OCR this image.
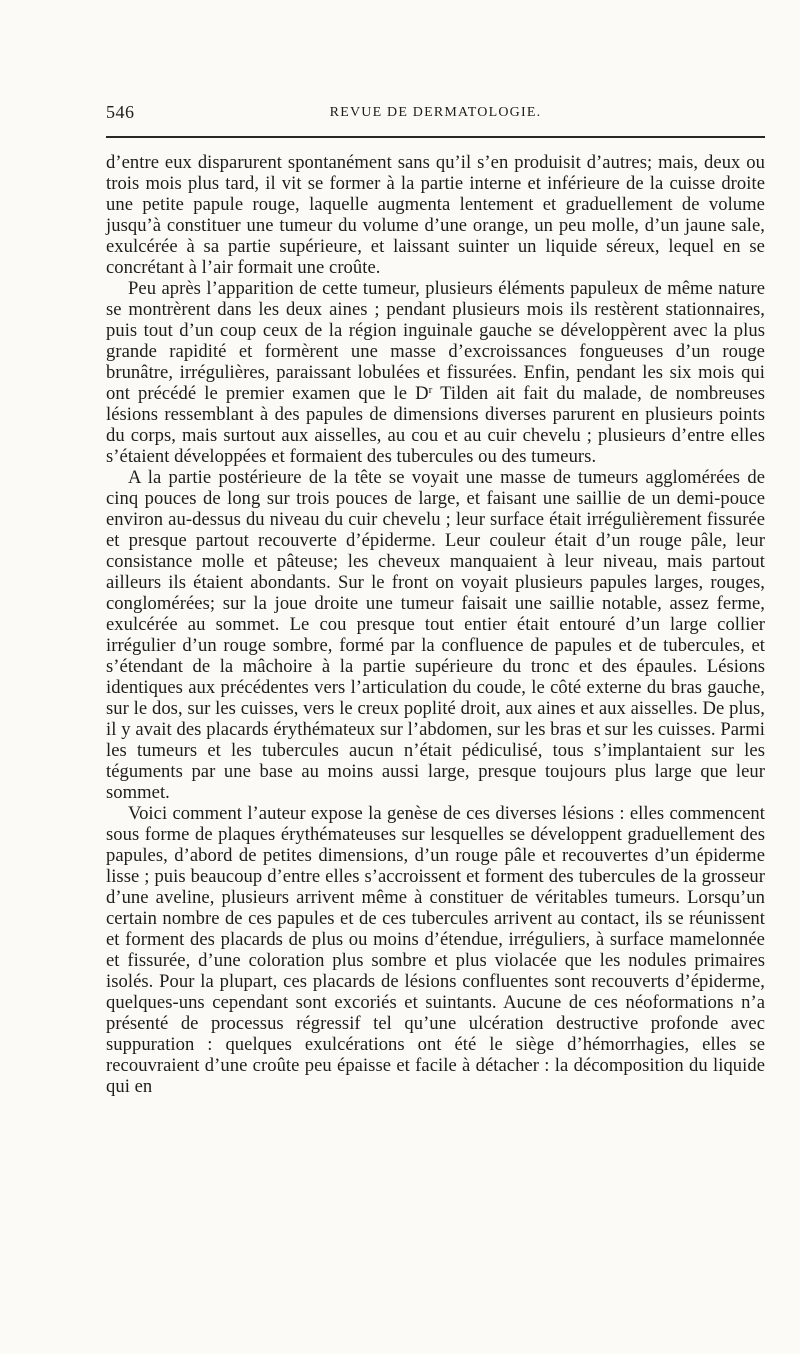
546	REVUE DE DERMATOLOGIE.

d’entre eux disparurent spontanément sans qu’il s’en produisit d’autres; mais, deux ou trois mois plus tard, il vit se former à la partie interne et inférieure de la cuisse droite une petite papule rouge, laquelle augmenta lentement et graduellement de volume jusqu’à constituer une tumeur du volume d’une orange, un peu molle, d’un jaune sale, exulcérée à sa partie supérieure, et laissant suinter un liquide séreux, lequel en se concrétant à l’air formait une croûte.

Peu après l’apparition de cette tumeur, plusieurs éléments papuleux de même nature se montrèrent dans les deux aines ; pendant plusieurs mois ils restèrent stationnaires, puis tout d’un coup ceux de la région inguinale gauche se développèrent avec la plus grande rapidité et formèrent une masse d’excroissances fongueuses d’un rouge brunâtre, irrégulières, paraissant lobulées et fissurées. Enfin, pendant les six mois qui ont précédé le premier examen que le $D^r$ Tilden ait fait du malade, de nombreuses lésions ressemblant à des papules de dimensions diverses parurent en plusieurs points du corps, mais surtout aux aisselles, au cou et au cuir chevelu ; plusieurs d’entre elles s’étaient développées et formaient des tubercules ou des tumeurs.

A la partie postérieure de la tête se voyait une masse de tumeurs agglomérées de cinq pouces de long sur trois pouces de large, et faisant une saillie de un demi-pouce environ au-dessus du niveau du cuir chevelu ; leur surface était irrégulièrement fissurée et presque partout recouverte d’épiderme. Leur couleur était d’un rouge pâle, leur consistance molle et pâteuse; les cheveux manquaient à leur niveau, mais partout ailleurs ils étaient abondants. Sur le front on voyait plusieurs papules larges, rouges, conglomérées; sur la joue droite une tumeur faisait une saillie notable, assez ferme, exulcérée au sommet. Le cou presque tout entier était entouré d’un large collier irrégulier d’un rouge sombre, formé par la confluence de papules et de tubercules, et s’étendant de la mâchoire à la partie supérieure du tronc et des épaules. Lésions identiques aux précédentes vers l’articulation du coude, le côté externe du bras gauche, sur le dos, sur les cuisses, vers le creux poplité droit, aux aines et aux aisselles. De plus, il y avait des placards érythémateux sur l’abdomen, sur les bras et sur les cuisses. Parmi les tumeurs et les tubercules aucun n’était pédiculisé, tous s’implantaient sur les téguments par une base au moins aussi large, presque toujours plus large que leur sommet.

Voici comment l’auteur expose la genèse de ces diverses lésions : elles commencent sous forme de plaques érythémateuses sur lesquelles se développent graduellement des papules, d’abord de petites dimensions, d’un rouge pâle et recouvertes d’un épiderme lisse ; puis beaucoup d’entre elles s’accroissent et forment des tubercules de la grosseur d’une aveline, plusieurs arrivent même à constituer de véritables tumeurs. Lorsqu’un certain nombre de ces papules et de ces tubercules arrivent au contact, ils se réunissent et forment des placards de plus ou moins d’étendue, irréguliers, à surface mamelonnée et fissurée, d’une coloration plus sombre et plus violacée que les nodules primaires isolés. Pour la plupart, ces placards de lésions confluentes sont recouverts d’épiderme, quelques-uns cependant sont excoriés et suintants. Aucune de ces néoformations n’a présenté de processus régressif tel qu’une ulcération destructive profonde avec suppuration : quelques exulcérations ont été le siège d’hémorrhagies, elles se recouvraient d’une croûte peu épaisse et facile à détacher : la décomposition du liquide qui en
